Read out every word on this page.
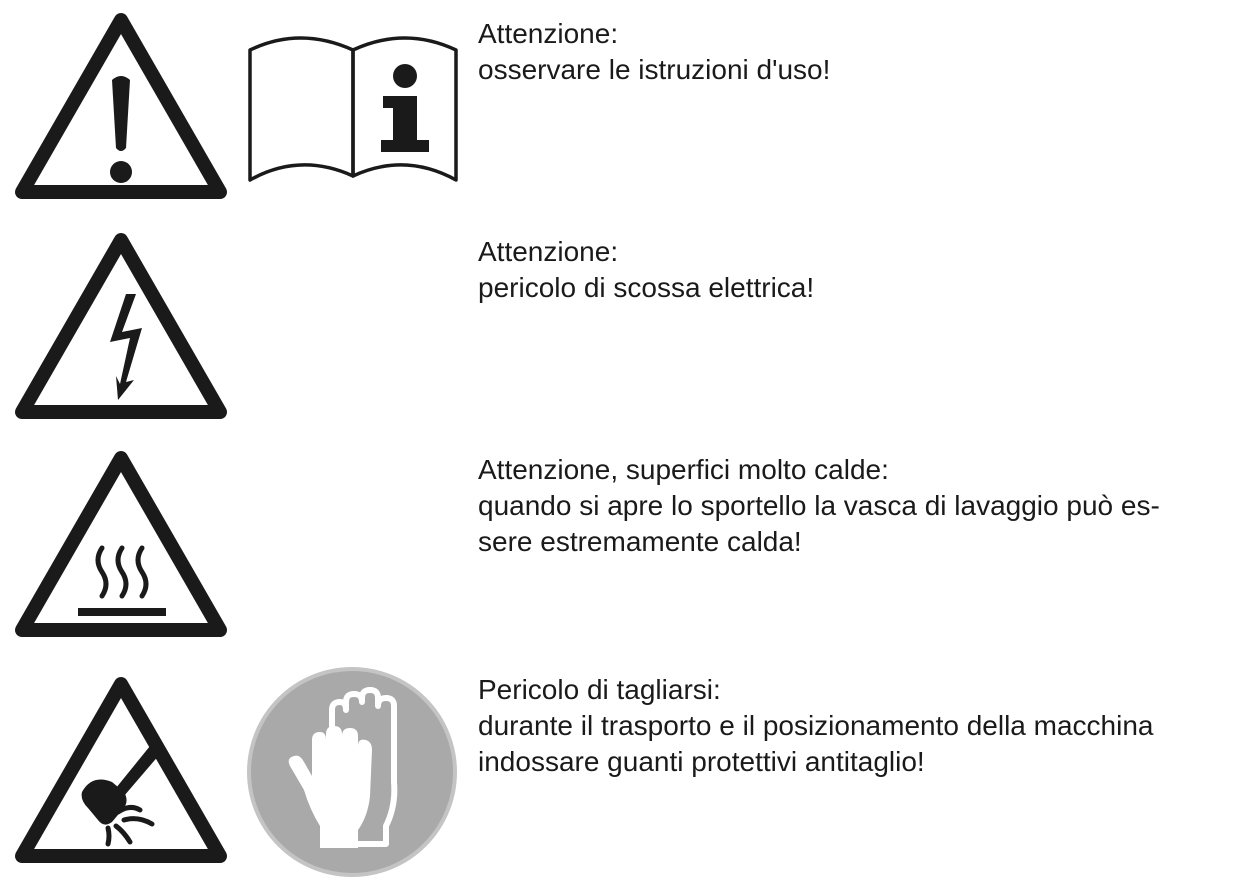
Attenzione:

osservare le istruzioni d'uso!

Attenzione:

pericolo di scossa elettrica!

Attenzione, superfici molto calde:

quando si apre lo sportello la vasca di lavaggio può es-

sere estremamente calda!

Pericolo di tagliarsi:

durante il trasporto e il posizionamento della macchina

indossare guanti protettivi antitaglio!
